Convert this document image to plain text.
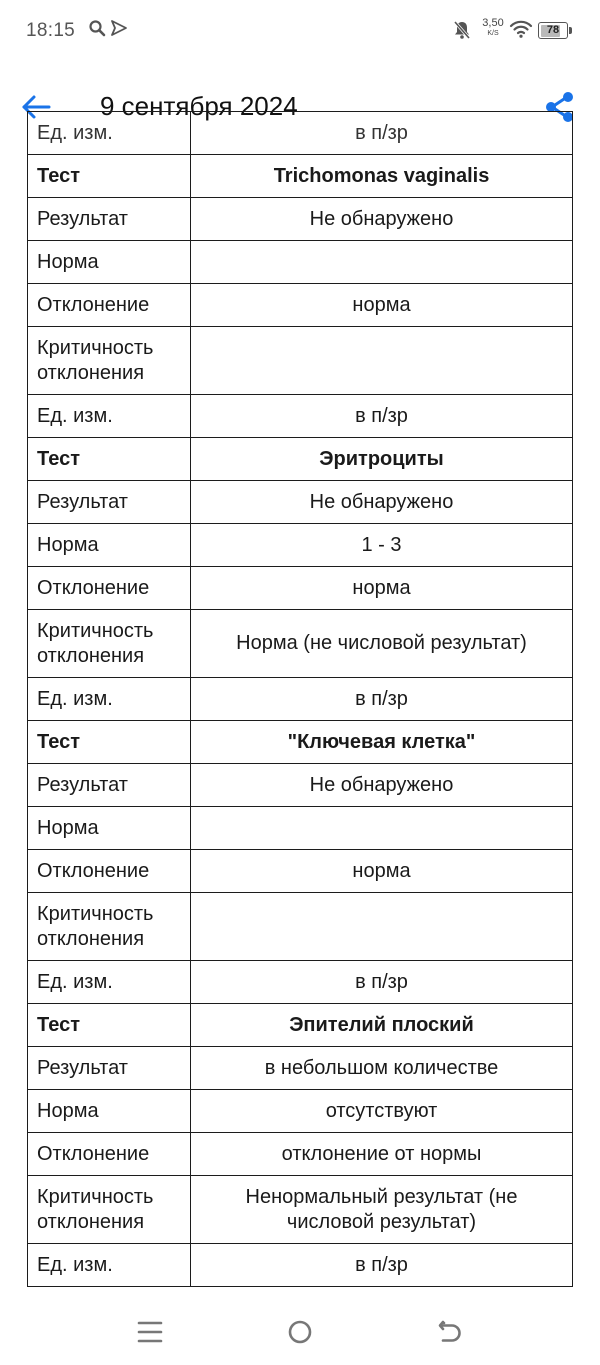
18:15	3,50
K/S	78
9 сентября 2024
Ед. изм.	в п/зр
Тест	Trichomonas vaginalis
Результат	Не обнаружено
Норма	
Отклонение	норма
Критичность отклонения	
Ед. изм.	в п/зр
Тест	Эритроциты
Результат	Не обнаружено
Норма	1 - 3
Отклонение	норма
Критичность отклонения	Норма (не числовой результат)
Ед. изм.	в п/зр
Тест	"Ключевая клетка"
Результат	Не обнаружено
Норма	
Отклонение	норма
Критичность отклонения	
Ед. изм.	в п/зр
Тест	Эпителий плоский
Результат	в небольшом количестве
Норма	отсутствуют
Отклонение	отклонение от нормы
Критичность отклонения	Ненормальный результат (не числовой результат)
Ед. изм.	в п/зр
